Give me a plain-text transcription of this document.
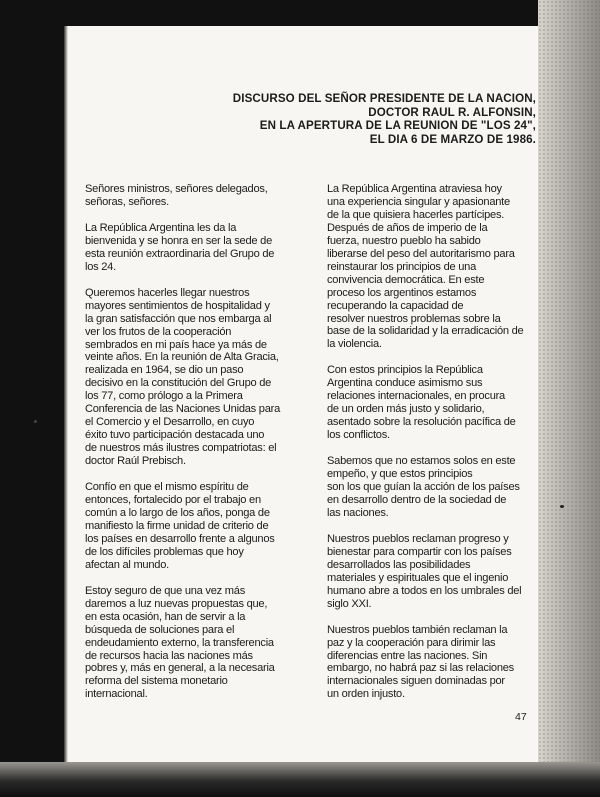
DISCURSO DEL SEÑOR PRESIDENTE DE LA NACION,
DOCTOR RAUL R. ALFONSIN,
EN LA APERTURA DE LA REUNION DE "LOS 24",
EL DIA 6 DE MARZO DE 1986.

Señores ministros, señores delegados,
señoras, señores.

La República Argentina les da la
bienvenida y se honra en ser la sede de
esta reunión extraordinaria del Grupo de
los 24.

Queremos hacerles llegar nuestros
mayores sentimientos de hospitalidad y
la gran satisfacción que nos embarga al
ver los frutos de la cooperación
sembrados en mi país hace ya más de
veinte años. En la reunión de Alta Gracia,
realizada en 1964, se dio un paso
decisivo en la constitución del Grupo de
los 77, como prólogo a la Primera
Conferencia de las Naciones Unidas para
el Comercio y el Desarrollo, en cuyo
éxito tuvo participación destacada uno
de nuestros más ilustres compatriotas: el
doctor Raúl Prebisch.

Confío en que el mismo espíritu de
entonces, fortalecido por el trabajo en
común a lo largo de los años, ponga de
manifiesto la firme unidad de criterio de
los países en desarrollo frente a algunos
de los difíciles problemas que hoy
afectan al mundo.

Estoy seguro de que una vez más
daremos a luz nuevas propuestas que,
en esta ocasión, han de servir a la
búsqueda de soluciones para el
endeudamiento externo, la transferencia
de recursos hacia las naciones más
pobres y, más en general, a la necesaria
reforma del sistema monetario
internacional.

La República Argentina atraviesa hoy
una experiencia singular y apasionante
de la que quisiera hacerles partícipes.
Después de años de imperio de la
fuerza, nuestro pueblo ha sabido
liberarse del peso del autoritarismo para
reinstaurar los principios de una
convivencia democrática. En este
proceso los argentinos estamos
recuperando la capacidad de
resolver nuestros problemas sobre la
base de la solidaridad y la erradicación de
la violencia.

Con estos principios la República
Argentina conduce asimismo sus
relaciones internacionales, en procura
de un orden más justo y solidario,
asentado sobre la resolución pacífica de
los conflictos.

Sabemos que no estamos solos en este
empeño, y que estos principios
son los que guían la acción de los países
en desarrollo dentro de la sociedad de
las naciones.

Nuestros pueblos reclaman progreso y
bienestar para compartir con los países
desarrollados las posibilidades
materiales y espirituales que el ingenio
humano abre a todos en los umbrales del
siglo XXI.

Nuestros pueblos también reclaman la
paz y la cooperación para dirimir las
diferencias entre las naciones. Sin
embargo, no habrá paz si las relaciones
internacionales siguen dominadas por
un orden injusto.

47
